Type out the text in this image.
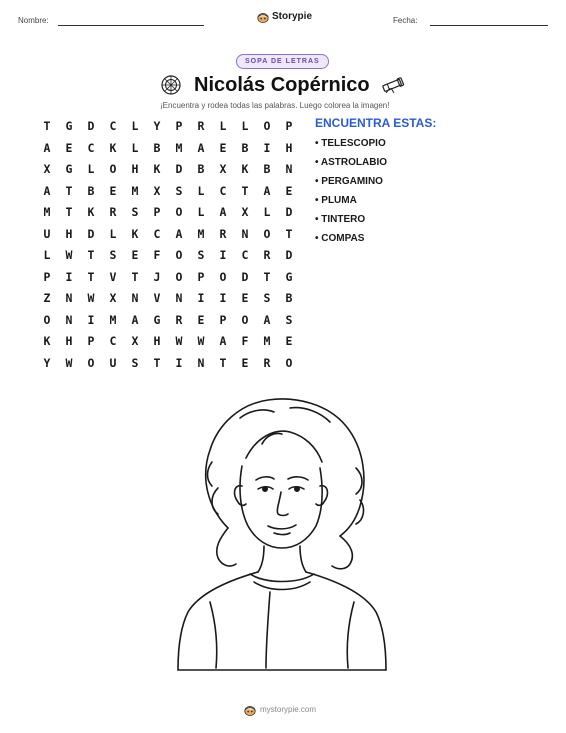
Nombre:	Storypie	Fecha:
SOPA DE LETRAS
Nicolás Copérnico
¡Encuentra y rodea todas las palabras. Luego colorea la imagen!
T	G	D	C	L	Y	P	R	L	L	O	P
A	E	C	K	L	B	M	A	E	B	I	H
X	G	L	O	H	K	D	B	X	K	B	N
A	T	B	E	M	X	S	L	C	T	A	E
M	T	K	R	S	P	O	L	A	X	L	D
U	H	D	L	K	C	A	M	R	N	O	T
L	W	T	S	E	F	O	S	I	C	R	D
P	I	T	V	T	J	O	P	O	D	T	G
Z	N	W	X	N	V	N	I	I	E	S	B
O	N	I	M	A	G	R	E	P	O	A	S
K	H	P	C	X	H	W	W	A	F	M	E
Y	W	O	U	S	T	I	N	T	E	R	O
ENCUENTRA ESTAS:
• TELESCOPIO
• ASTROLABIO
• PERGAMINO
• PLUMA
• TINTERO
• COMPAS
mystorypie.com
